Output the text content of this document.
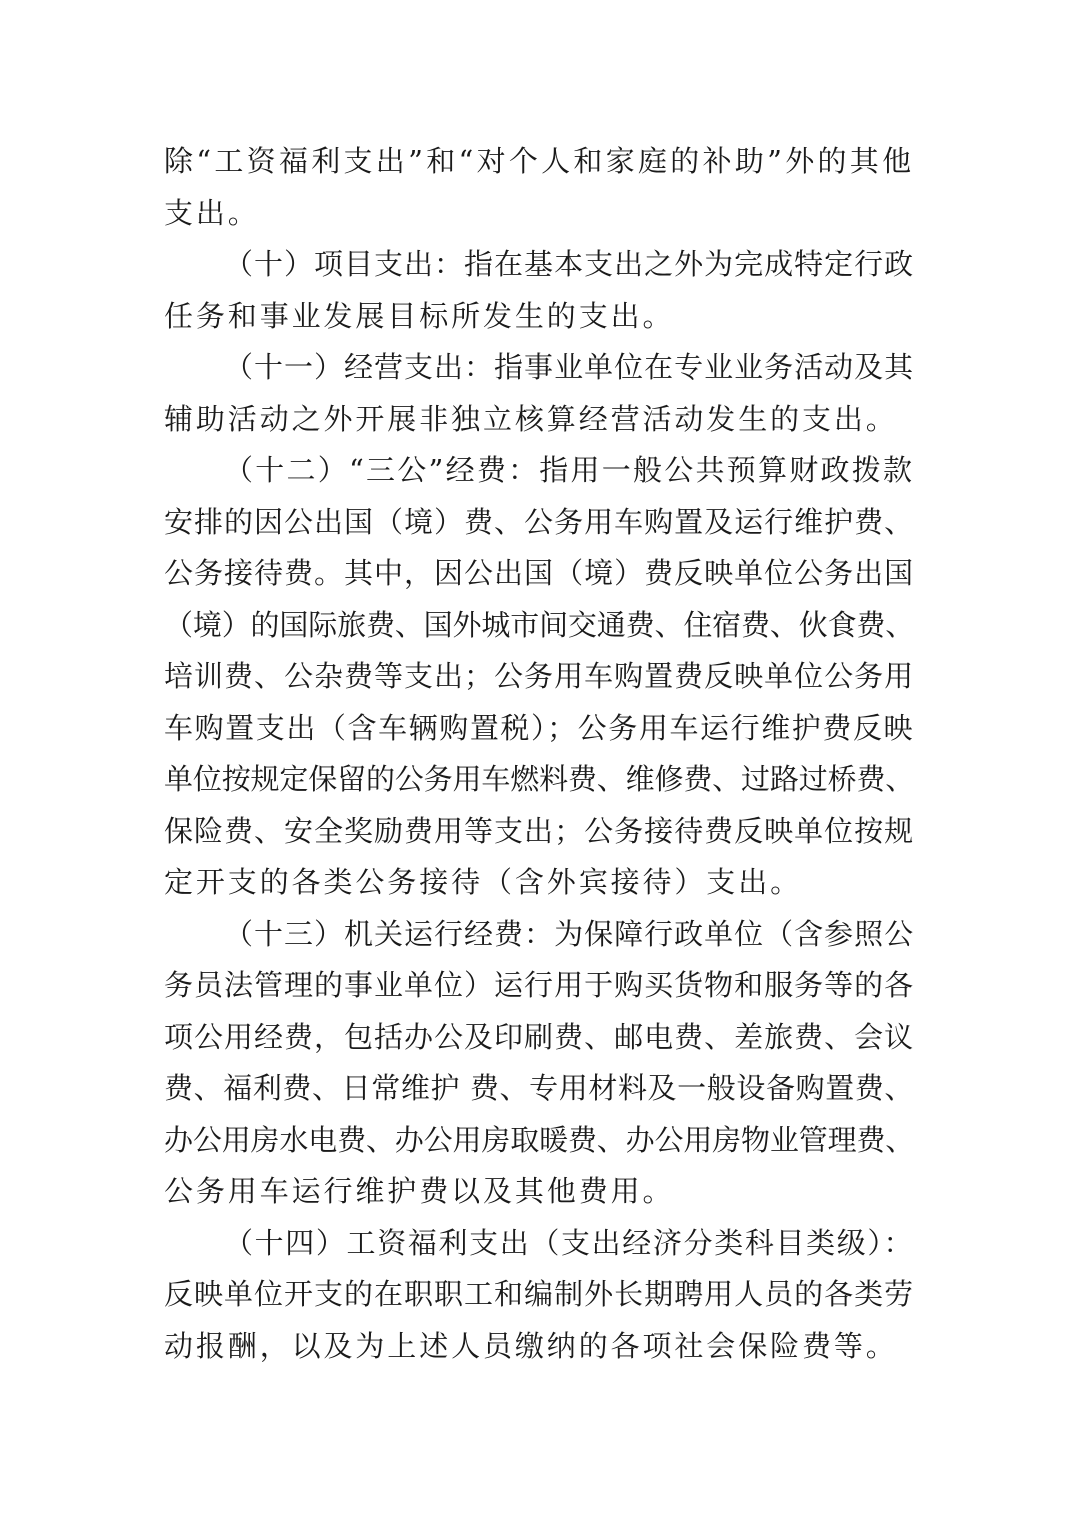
除“工资福利支出”和“对个人和家庭的补助”外的其他
支出。
（十）项目支出：指在基本支出之外为完成特定行政
任务和事业发展目标所发生的支出。
（十一）经营支出：指事业单位在专业业务活动及其
辅助活动之外开展非独立核算经营活动发生的支出。
（十二）“三公”经费：指用一般公共预算财政拨款
安排的因公出国（境）费、公务用车购置及运行维护费、
公务接待费。其中，因公出国（境）费反映单位公务出国
（境）的国际旅费、国外城市间交通费、住宿费、伙食费、
培训费、公杂费等支出；公务用车购置费反映单位公务用
车购置支出（含车辆购置税）；公务用车运行维护费反映
单位按规定保留的公务用车燃料费、维修费、过路过桥费、
保险费、安全奖励费用等支出；公务接待费反映单位按规
定开支的各类公务接待（含外宾接待）支出。
（十三）机关运行经费：为保障行政单位（含参照公
务员法管理的事业单位）运行用于购买货物和服务等的各
项公用经费，包括办公及印刷费、邮电费、差旅费、会议
费、福利费、日常维护 费、专用材料及一般设备购置费、
办公用房水电费、办公用房取暖费、办公用房物业管理费、
公务用车运行维护费以及其他费用。
（十四）工资福利支出（支出经济分类科目类级）：
反映单位开支的在职职工和编制外长期聘用人员的各类劳
动报酬，以及为上述人员缴纳的各项社会保险费等。
